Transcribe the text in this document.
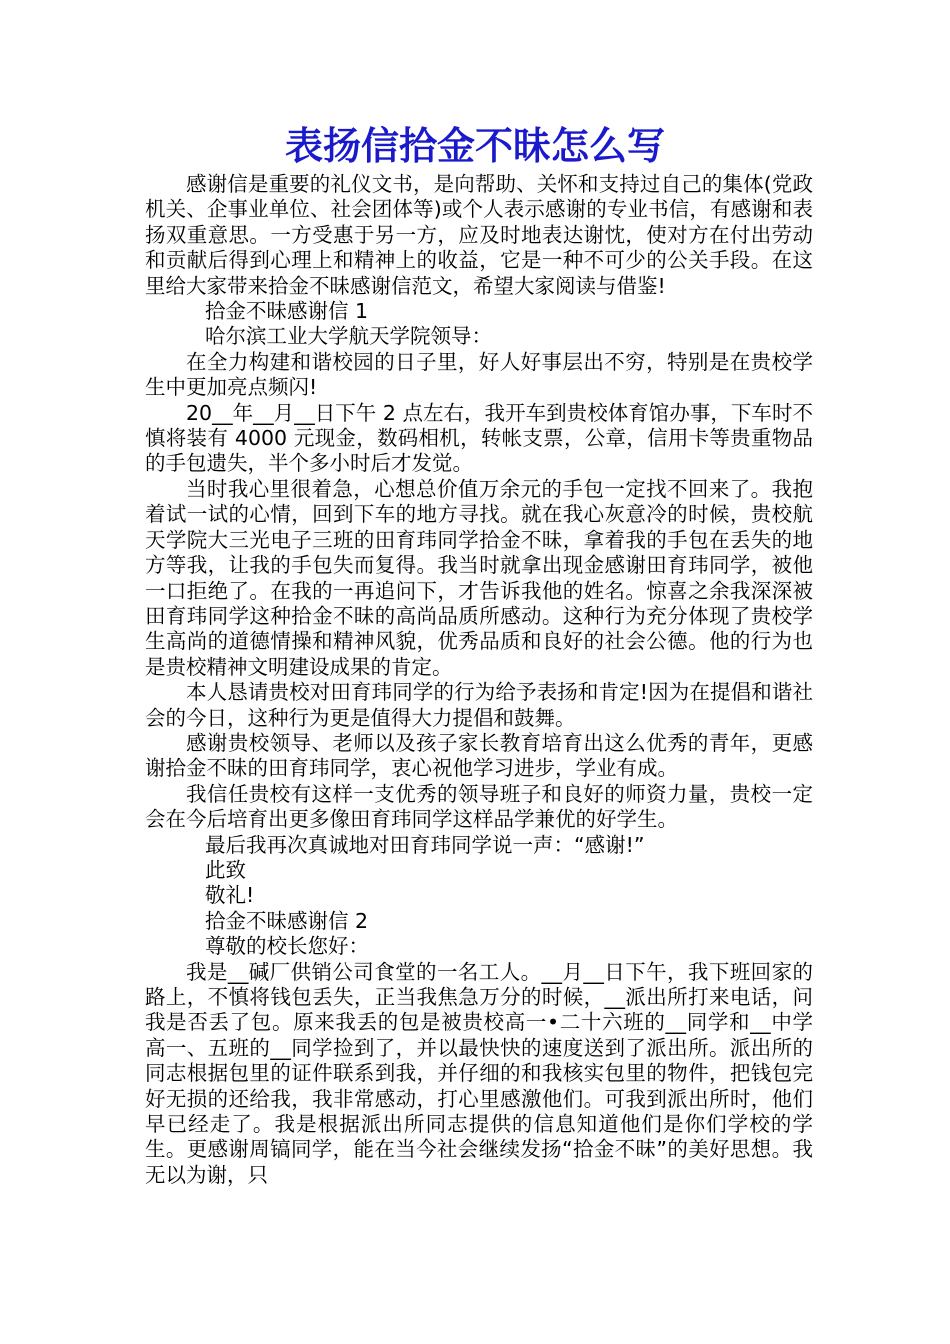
表扬信拾金不昧怎么写

感谢信是重要的礼仪文书，是向帮助、关怀和支持过自己的集体(党政机关、企事业单位、社会团体等)或个人表示感谢的专业书信，有感谢和表扬双重意思。一方受惠于另一方，应及时地表达谢忱，使对方在付出劳动和贡献后得到心理上和精神上的收益，它是一种不可少的公关手段。在这里给大家带来拾金不昧感谢信范文，希望大家阅读与借鉴!

拾金不昧感谢信 1

哈尔滨工业大学航天学院领导：

在全力构建和谐校园的日子里，好人好事层出不穷，特别是在贵校学生中更加亮点频闪!

20__年__月__日下午 2 点左右，我开车到贵校体育馆办事，下车时不慎将装有 4000 元现金，数码相机，转帐支票，公章，信用卡等贵重物品的手包遗失，半个多小时后才发觉。

当时我心里很着急，心想总价值万余元的手包一定找不回来了。我抱着试一试的心情，回到下车的地方寻找。就在我心灰意冷的时候，贵校航天学院大三光电子三班的田育玮同学拾金不昧，拿着我的手包在丢失的地方等我，让我的手包失而复得。我当时就拿出现金感谢田育玮同学，被他一口拒绝了。在我的一再追问下，才告诉我他的姓名。惊喜之余我深深被田育玮同学这种拾金不昧的高尚品质所感动。这种行为充分体现了贵校学生高尚的道德情操和精神风貌，优秀品质和良好的社会公德。他的行为也是贵校精神文明建设成果的肯定。

本人恳请贵校对田育玮同学的行为给予表扬和肯定!因为在提倡和谐社会的今日，这种行为更是值得大力提倡和鼓舞。

感谢贵校领导、老师以及孩子家长教育培育出这么优秀的青年，更感谢拾金不昧的田育玮同学，衷心祝他学习进步，学业有成。

我信任贵校有这样一支优秀的领导班子和良好的师资力量，贵校一定会在今后培育出更多像田育玮同学这样品学兼优的好学生。

最后我再次真诚地对田育玮同学说一声：“感谢!”

此致

敬礼!

拾金不昧感谢信 2

尊敬的校长您好：

我是__碱厂供销公司食堂的一名工人。__月__日下午，我下班回家的路上，不慎将钱包丢失，正当我焦急万分的时候，__派出所打来电话，问我是否丢了包。原来我丢的包是被贵校高一•二十六班的__同学和__中学高一、五班的__同学捡到了，并以最快快的速度送到了派出所。派出所的同志根据包里的证件联系到我，并仔细的和我核实包里的物件，把钱包完好无损的还给我，我非常感动，打心里感激他们。可我到派出所时，他们早已经走了。我是根据派出所同志提供的信息知道他们是你们学校的学生。更感谢周镐同学，能在当今社会继续发扬“拾金不昧”的美好思想。我无以为谢，只
